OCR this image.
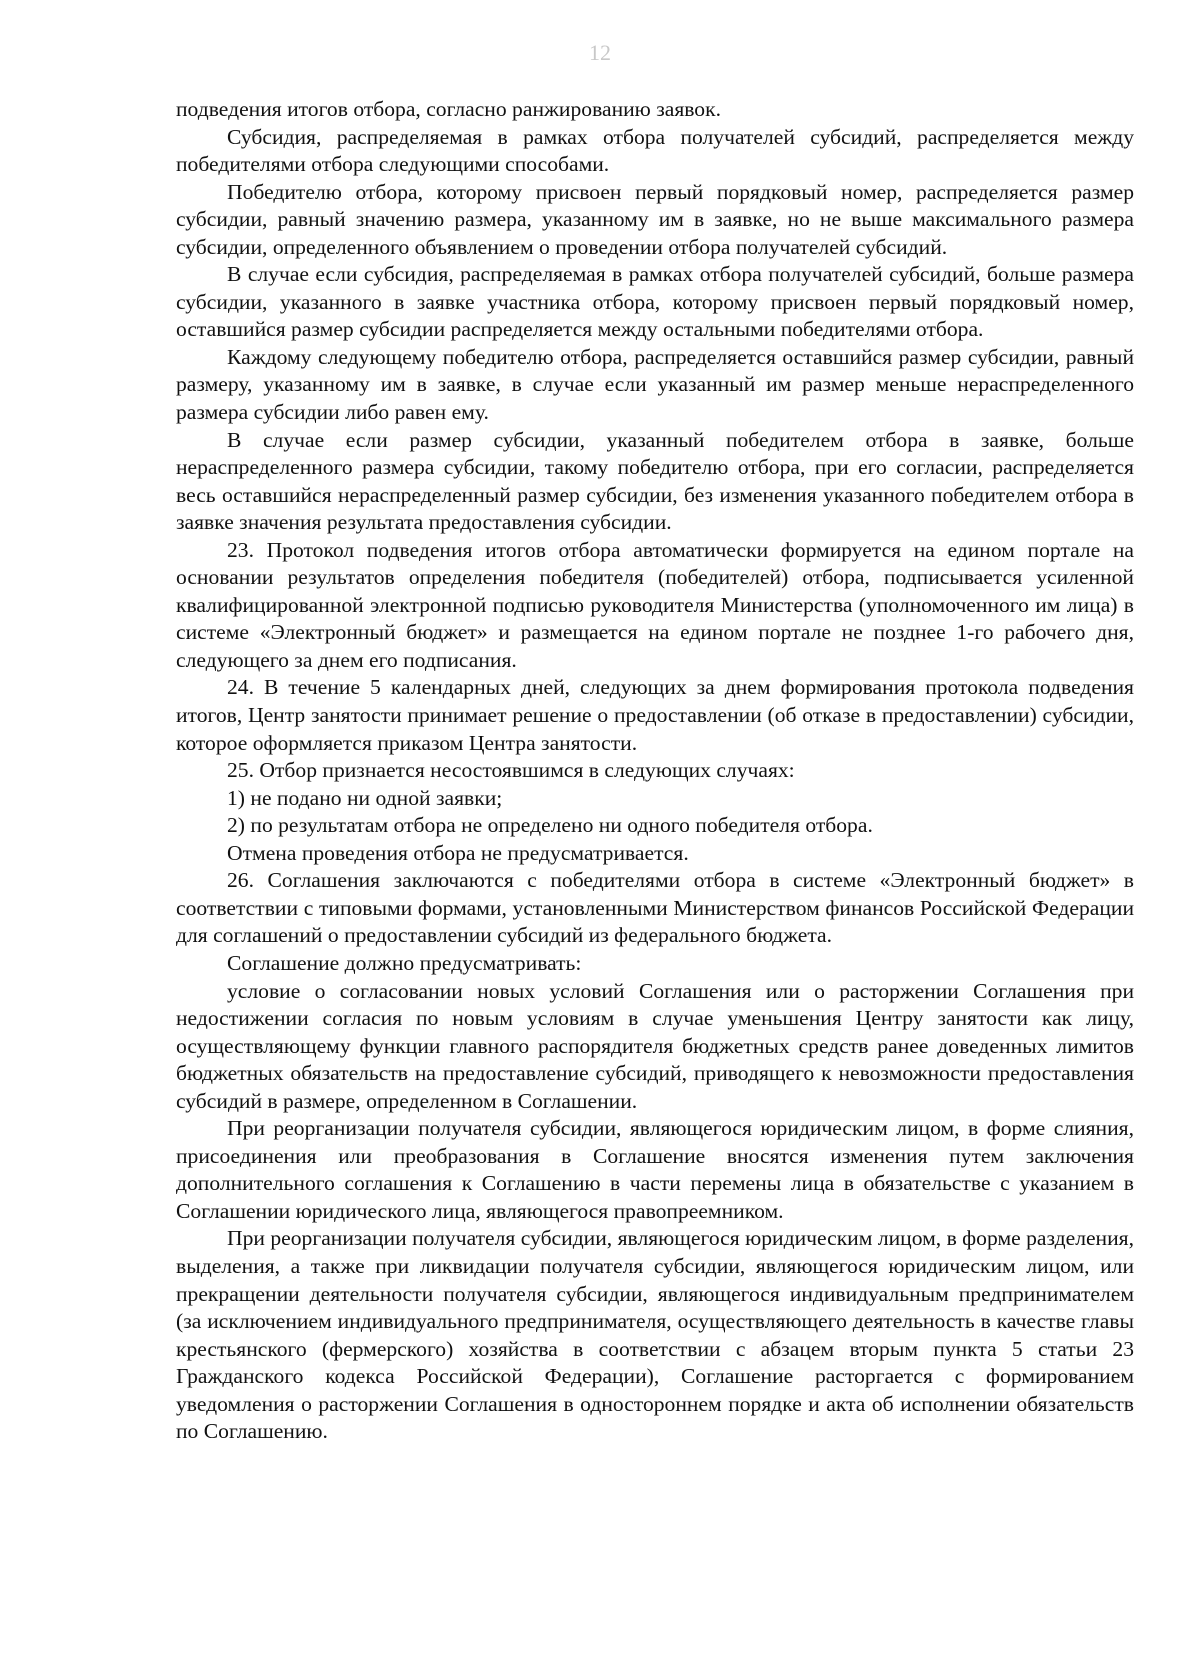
12

подведения итогов отбора, согласно ранжированию заявок.

Субсидия, распределяемая в рамках отбора получателей субсидий, распределяется между победителями отбора следующими способами.

Победителю отбора, которому присвоен первый порядковый номер, распределяется размер субсидии, равный значению размера, указанному им в заявке, но не выше максимального размера субсидии, определенного объявлением о проведении отбора получателей субсидий.

В случае если субсидия, распределяемая в рамках отбора получателей субсидий, больше размера субсидии, указанного в заявке участника отбора, которому присвоен первый порядковый номер, оставшийся размер субсидии распределяется между остальными победителями отбора.

Каждому следующему победителю отбора, распределяется оставшийся размер субсидии, равный размеру, указанному им в заявке, в случае если указанный им размер меньше нераспределенного размера субсидии либо равен ему.

В случае если размер субсидии, указанный победителем отбора в заявке, больше нераспределенного размера субсидии, такому победителю отбора, при его согласии, распределяется весь оставшийся нераспределенный размер субсидии, без изменения указанного победителем отбора в заявке значения результата предоставления субсидии.

23. Протокол подведения итогов отбора автоматически формируется на едином портале на основании результатов определения победителя (победителей) отбора, подписывается усиленной квалифицированной электронной подписью руководителя Министерства (уполномоченного им лица) в системе «Электронный бюджет» и размещается на едином портале не позднее 1-го рабочего дня, следующего за днем его подписания.

24. В течение 5 календарных дней, следующих за днем формирования протокола подведения итогов, Центр занятости принимает решение о предоставлении (об отказе в предоставлении) субсидии, которое оформляется приказом Центра занятости.

25. Отбор признается несостоявшимся в следующих случаях:

1) не подано ни одной заявки;

2) по результатам отбора не определено ни одного победителя отбора.

Отмена проведения отбора не предусматривается.

26. Соглашения заключаются с победителями отбора в системе «Электронный бюджет» в соответствии с типовыми формами, установленными Министерством финансов Российской Федерации для соглашений о предоставлении субсидий из федерального бюджета.

Соглашение должно предусматривать:

условие о согласовании новых условий Соглашения или о расторжении Соглашения при недостижении согласия по новым условиям в случае уменьшения Центру занятости как лицу, осуществляющему функции главного распорядителя бюджетных средств ранее доведенных лимитов бюджетных обязательств на предоставление субсидий, приводящего к невозможности предоставления субсидий в размере, определенном в Соглашении.

При реорганизации получателя субсидии, являющегося юридическим лицом, в форме слияния, присоединения или преобразования в Соглашение вносятся изменения путем заключения дополнительного соглашения к Соглашению в части перемены лица в обязательстве с указанием в Соглашении юридического лица, являющегося правопреемником.

При реорганизации получателя субсидии, являющегося юридическим лицом, в форме разделения, выделения, а также при ликвидации получателя субсидии, являющегося юридическим лицом, или прекращении деятельности получателя субсидии, являющегося индивидуальным предпринимателем (за исключением индивидуального предпринимателя, осуществляющего деятельность в качестве главы крестьянского (фермерского) хозяйства в соответствии с абзацем вторым пункта 5 статьи 23 Гражданского кодекса Российской Федерации), Соглашение расторгается с формированием уведомления о расторжении Соглашения в одностороннем порядке и акта об исполнении обязательств по Соглашению.
